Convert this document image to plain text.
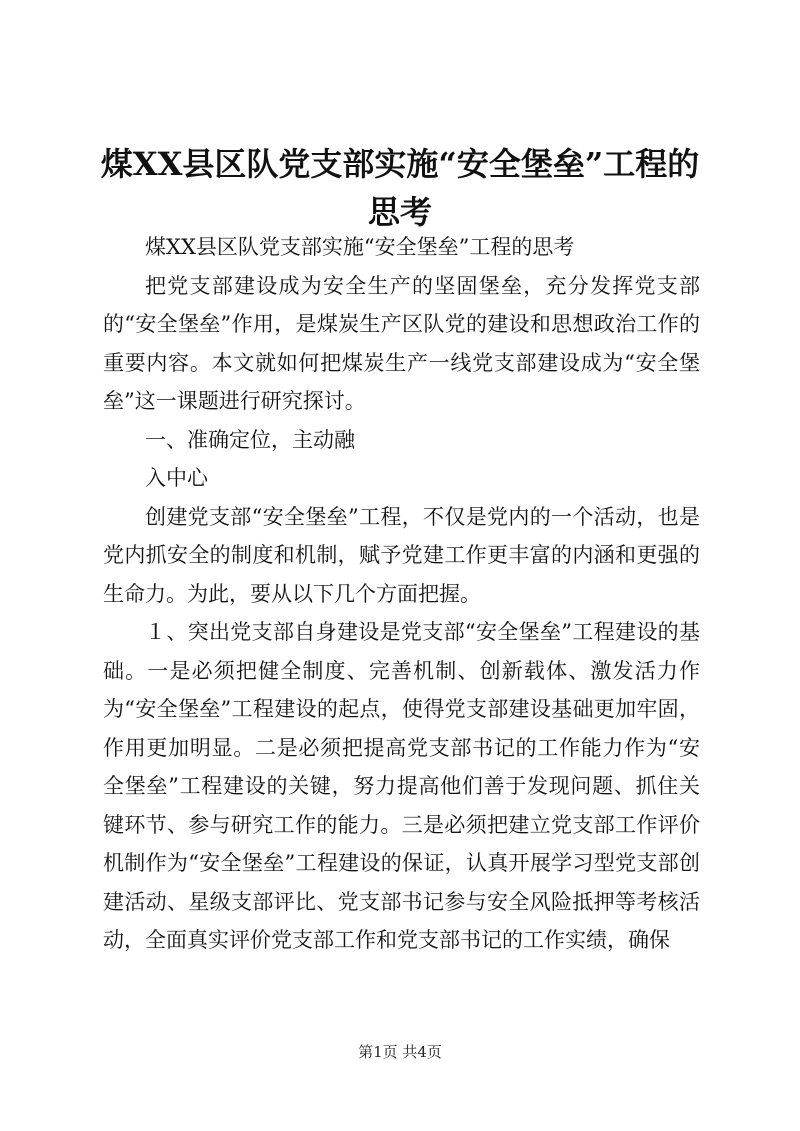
煤XX县区队党支部实施“安全堡垒”工程的思考

煤XX县区队党支部实施“安全堡垒”工程的思考

把党支部建设成为安全生产的坚固堡垒，充分发挥党支部的“安全堡垒”作用，是煤炭生产区队党的建设和思想政治工作的重要内容。本文就如何把煤炭生产一线党支部建设成为“安全堡垒”这一课题进行研究探讨。

一、准确定位，主动融

入中心

创建党支部“安全堡垒”工程，不仅是党内的一个活动，也是党内抓安全的制度和机制，赋予党建工作更丰富的内涵和更强的生命力。为此，要从以下几个方面把握。

１、突出党支部自身建设是党支部“安全堡垒”工程建设的基础。一是必须把健全制度、完善机制、创新载体、激发活力作为“安全堡垒”工程建设的起点，使得党支部建设基础更加牢固，作用更加明显。二是必须把提高党支部书记的工作能力作为“安全堡垒”工程建设的关键，努力提高他们善于发现问题、抓住关键环节、参与研究工作的能力。三是必须把建立党支部工作评价机制作为“安全堡垒”工程建设的保证，认真开展学习型党支部创建活动、星级支部评比、党支部书记参与安全风险抵押等考核活动，全面真实评价党支部工作和党支部书记的工作实绩，确保

第1页 共4页
